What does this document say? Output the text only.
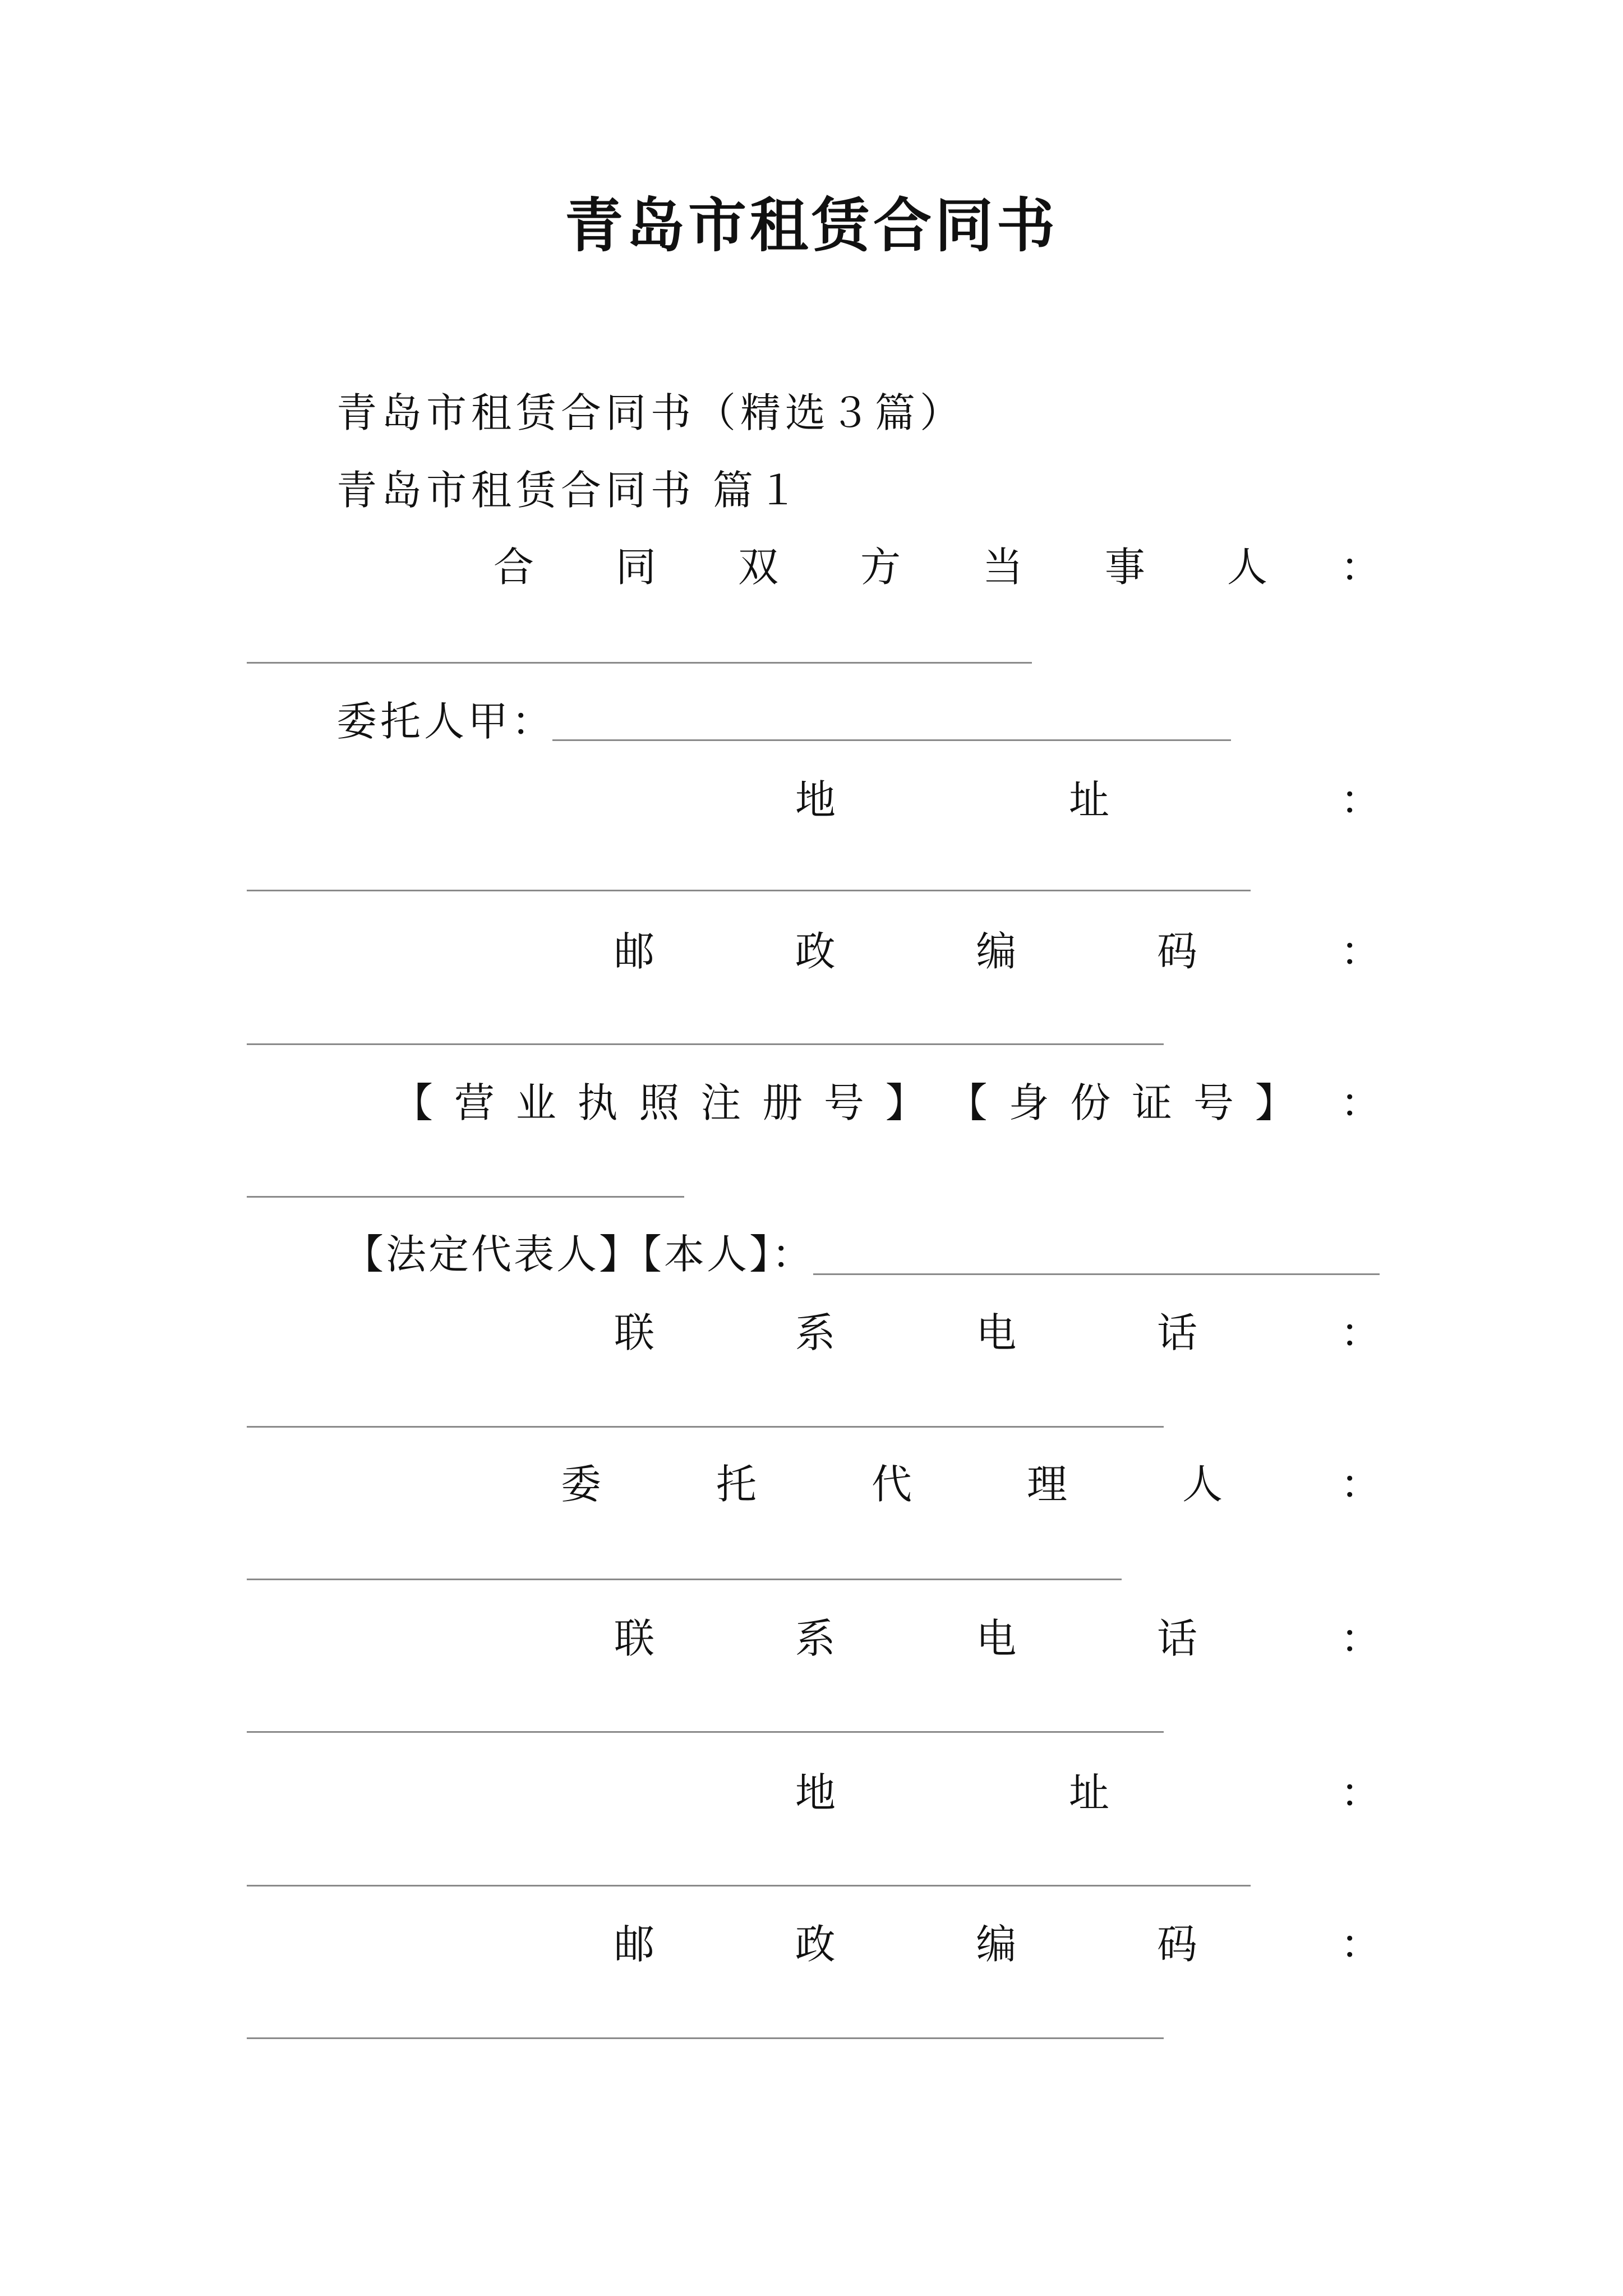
青岛市租赁合同书
青岛市租赁合同书（精选３篇）
青岛市租赁合同书 篇１
合 同 双 方 当 事 人 ：
委托人甲：
地	址	：
邮	政	编	码	：
【 营 业 执 照 注 册 号 】 【 身 份 证 号 】 ：
【法定代表人】【本人】：
联	系	电	话	：
委	托	代	理	人	：
联	系	电	话	：
地	址	：
邮	政	编	码	：
